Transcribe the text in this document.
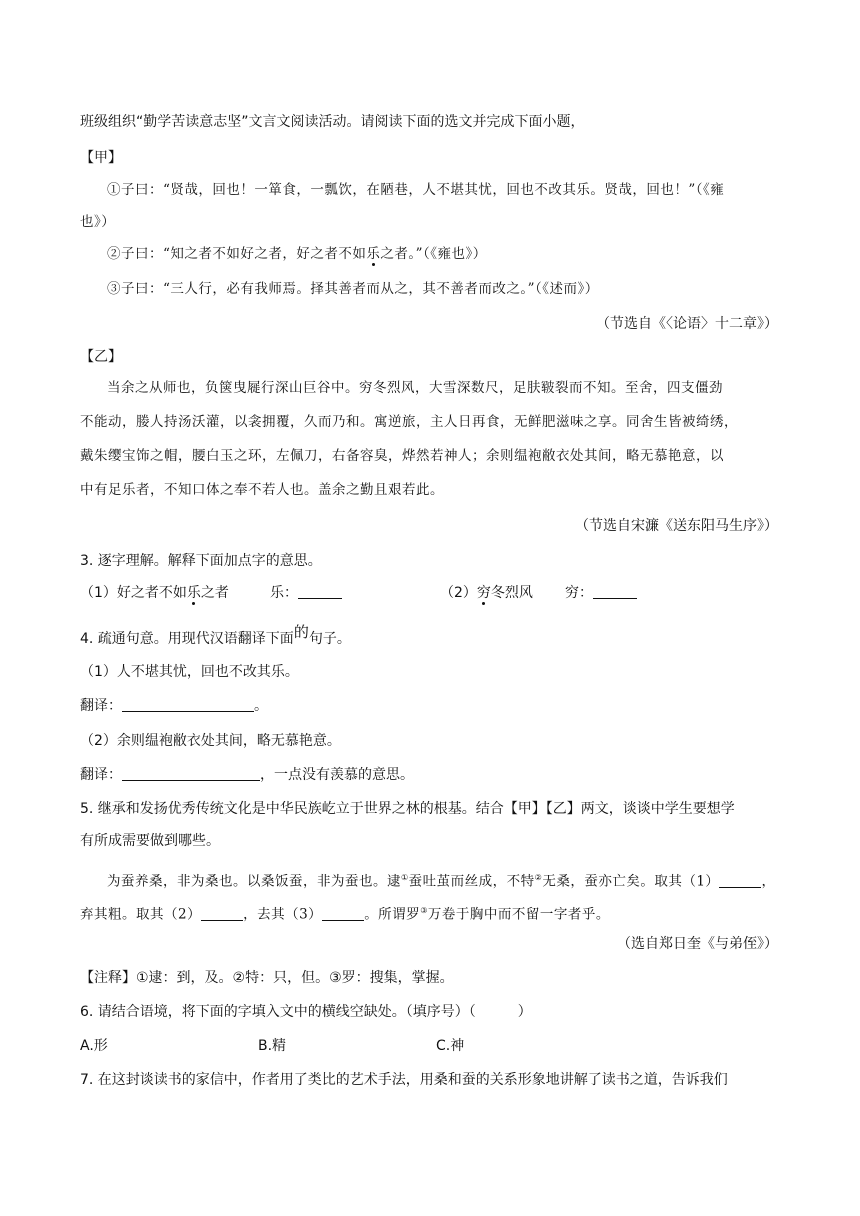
班级组织“勤学苦读意志坚”文言文阅读活动。请阅读下面的选文并完成下面小题，
【甲】
①子曰：“贤哉，回也！一箪食，一瓢饮，在陋巷，人不堪其忧，回也不改其乐。贤哉，回也！”（《雍
也》）
②子曰：“知之者不如好之者，好之者不如乐之者。”（《雍也》）
③子曰：“三人行，必有我师焉。择其善者而从之，其不善者而改之。”（《述而》）
（节选自《〈论语〉十二章》）
【乙】
当余之从师也，负箧曳屣行深山巨谷中。穷冬烈风，大雪深数尺，足肤皲裂而不知。至舍，四支僵劲
不能动，媵人持汤沃灌，以衾拥覆，久而乃和。寓逆旅，主人日再食，无鲜肥滋味之享。同舍生皆被绮绣，
戴朱缨宝饰之帽，腰白玉之环，左佩刀，右备容臭，烨然若神人；余则缊袍敝衣处其间，略无慕艳意，以
中有足乐者，不知口体之奉不若人也。盖余之勤且艰若此。
（节选自宋濂《送东阳马生序》）
3. 逐字理解。解释下面加点字的意思。
（1）好之者不如乐之者	乐：	（2）穷冬烈风 穷：
4. 疏通句意。用现代汉语翻译下面的句子。
（1）人不堪其忧，回也不改其乐。
翻译：	。
（2）余则缊袍敝衣处其间，略无慕艳意。
翻译：	，一点没有羡慕的意思。
5. 继承和发扬优秀传统文化是中华民族屹立于世界之林的根基。结合【甲】【乙】两文，谈谈中学生要想学
有所成需要做到哪些。
为蚕养桑，非为桑也。以桑饭蚕，非为蚕也。逮①蚕吐茧而丝成，不特②无桑，蚕亦亡矣。取其（1）	，
弃其粗。取其（2）	，去其（3）	。所谓罗③万卷于胸中而不留一字者乎。
（选自郑日奎《与弟侄》）
【注释】①逮：到，及。②特：只，但。③罗：搜集，掌握。
6. 请结合语境，将下面的字填入文中的横线空缺处。（填序号）（　　　）
A.形	B.精	C.神
7. 在这封谈读书的家信中，作者用了类比的艺术手法，用桑和蚕的关系形象地讲解了读书之道，告诉我们
